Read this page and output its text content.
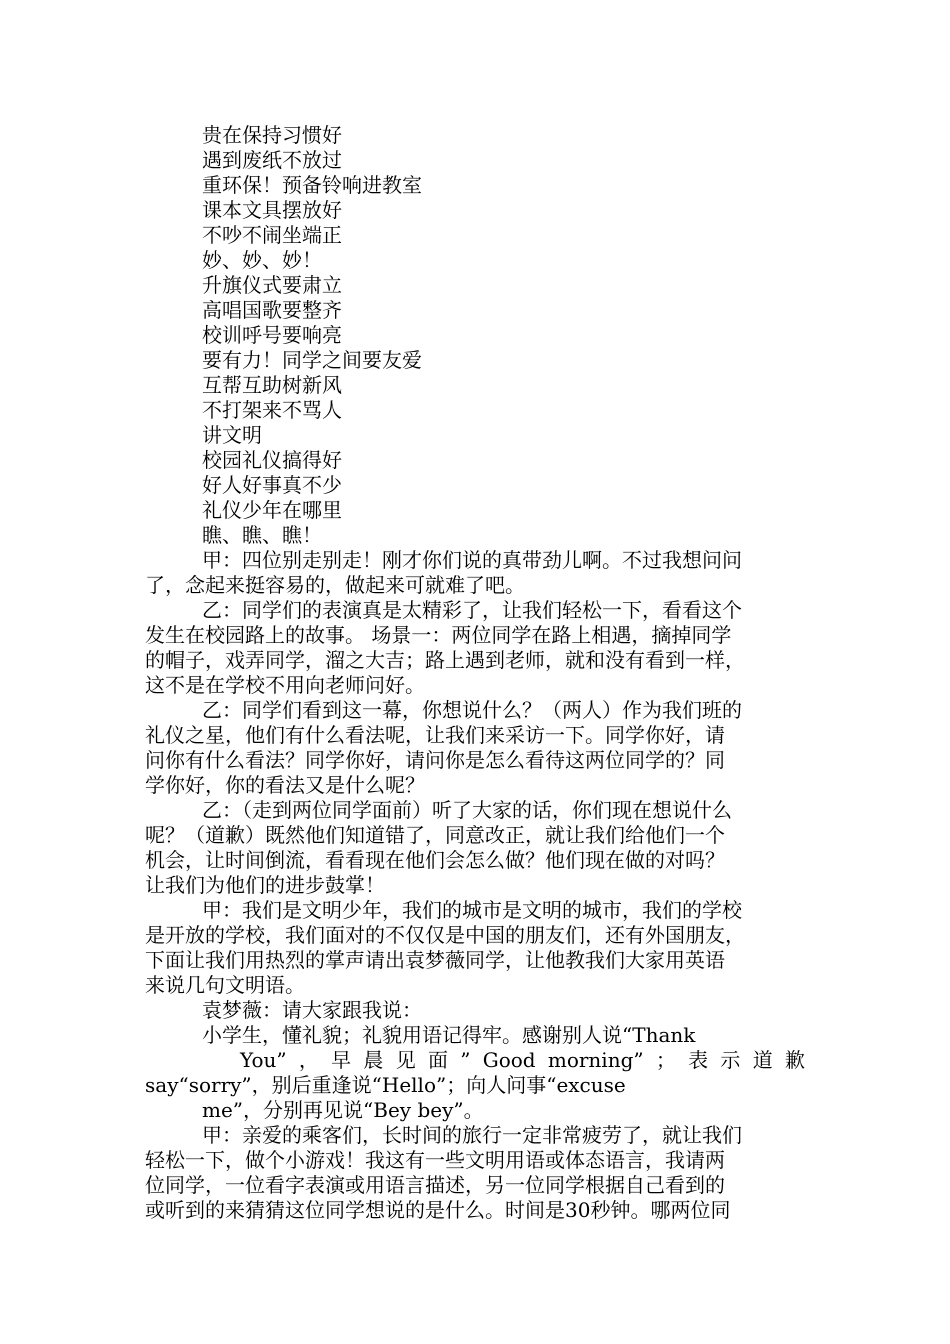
贵在保持习惯好
遇到废纸不放过
重环保！预备铃响进教室
课本文具摆放好
不吵不闹坐端正
妙、妙、妙！
升旗仪式要肃立
高唱国歌要整齐
校训呼号要响亮
要有力！同学之间要友爱
互帮互助树新风
不打架来不骂人
讲文明
校园礼仪搞得好
好人好事真不少
礼仪少年在哪里
瞧、瞧、瞧！
甲：四位别走别走！刚才你们说的真带劲儿啊。不过我想问问
了，念起来挺容易的，做起来可就难了吧。
乙：同学们的表演真是太精彩了，让我们轻松一下，看看这个
发生在校园路上的故事。 场景一：两位同学在路上相遇，摘掉同学
的帽子，戏弄同学，溜之大吉；路上遇到老师，就和没有看到一样，
这不是在学校不用向老师问好。
乙：同学们看到这一幕，你想说什么？（两人）作为我们班的
礼仪之星，他们有什么看法呢，让我们来采访一下。同学你好，请
问你有什么看法？同学你好，请问你是怎么看待这两位同学的？同
学你好，你的看法又是什么呢？
乙：（走到两位同学面前）听了大家的话，你们现在想说什么
呢？（道歉）既然他们知道错了，同意改正，就让我们给他们一个
机会，让时间倒流，看看现在他们会怎么做？他们现在做的对吗？
让我们为他们的进步鼓掌！
甲：我们是文明少年，我们的城市是文明的城市，我们的学校
是开放的学校，我们面对的不仅仅是中国的朋友们，还有外国朋友，
下面让我们用热烈的掌声请出袁梦薇同学，让他教我们大家用英语
来说几句文明语。
袁梦薇：请大家跟我说：
小学生，懂礼貌；礼貌用语记得牢。感谢别人说“Thank
You” ， 早 晨 见 面 ” Good morning” ； 表 示 道 歉
say“sorry”，别后重逢说“Hello”；向人问事“excuse
me”，分别再见说“Bey bey”。
甲：亲爱的乘客们，长时间的旅行一定非常疲劳了，就让我们
轻松一下，做个小游戏！我这有一些文明用语或体态语言，我请两
位同学，一位看字表演或用语言描述，另一位同学根据自己看到的
或听到的来猜猜这位同学想说的是什么。时间是30秒钟。哪两位同
